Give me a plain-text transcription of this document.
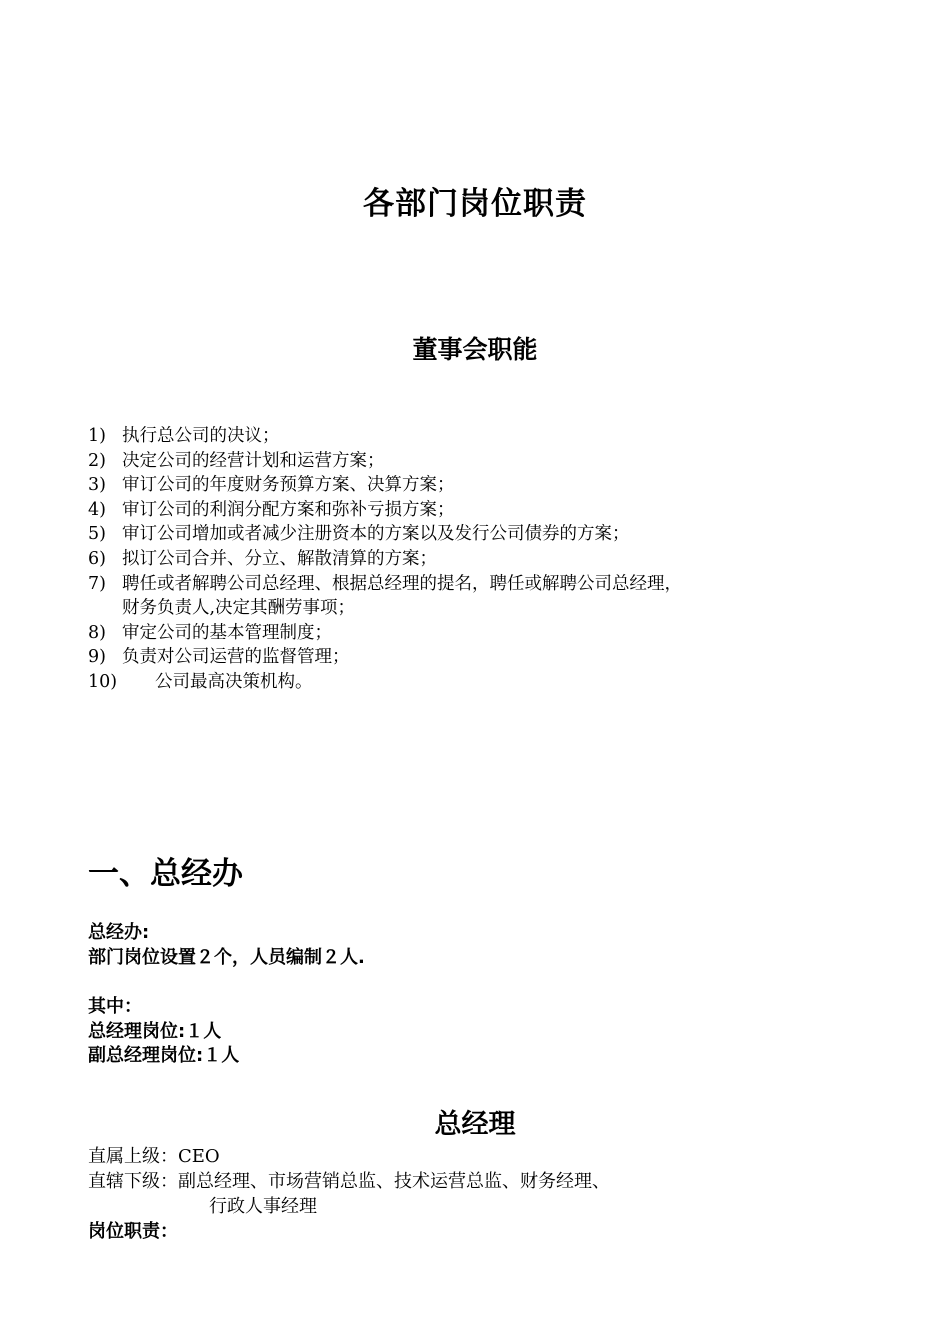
各部门岗位职责
董事会职能
1) 执行总公司的决议；
2) 决定公司的经营计划和运营方案；
3) 审订公司的年度财务预算方案、决算方案；
4) 审订公司的利润分配方案和弥补亏损方案；
5) 审订公司增加或者减少注册资本的方案以及发行公司债券的方案；
6) 拟订公司合并、分立、解散清算的方案；
7) 聘任或者解聘公司总经理、根据总经理的提名，聘任或解聘公司总经理，
财务负责人,决定其酬劳事项；
8) 审定公司的基本管理制度；
9) 负责对公司运营的监督管理；
10)	公司最高决策机构。
一、总经办
总经办:
部门岗位设置２个，人员编制２人.
其中：
总经理岗位:１人
副总经理岗位:１人
总经理
直属上级：CEO
直辖下级：副总经理、市场营销总监、技术运营总监、财务经理、
行政人事经理
岗位职责：
